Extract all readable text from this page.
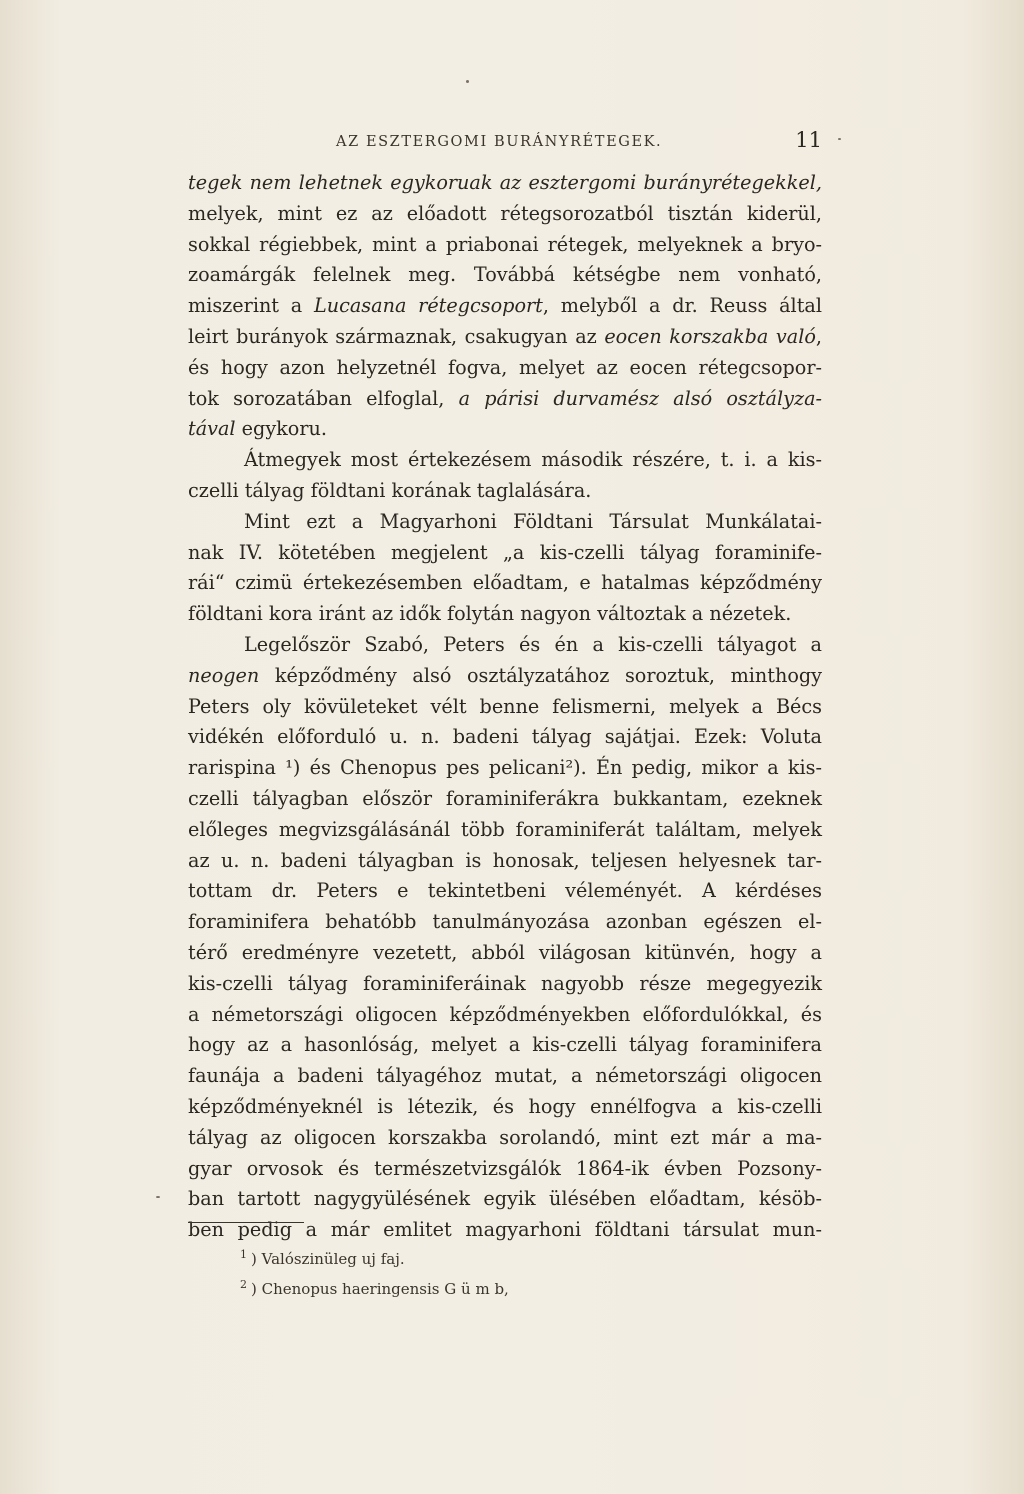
AZ ESZTERGOMI BURÁNYRÉTEGEK.	11
tegek nem lehetnek egykoruak az esztergomi burányrétegekkel,
melyek, mint ez az előadott rétegsorozatból tisztán kiderül,
sokkal régiebbek, mint a priabonai rétegek, melyeknek a bryo-
zoamárgák felelnek meg. Továbbá kétségbe nem vonható,
miszerint a Lucasana rétegcsoport, melyből a dr. Reuss által
leirt burányok származnak, csakugyan az eocen korszakba való,
és hogy azon helyzetnél fogva, melyet az eocen rétegcsopor-
tok sorozatában elfoglal, a párisi durvamész alsó osztályza-
tával egykoru.
Átmegyek most értekezésem második részére, t. i. a kis-
czelli tályag földtani korának taglalására.
Mint ezt a Magyarhoni Földtani Társulat Munkálatai-
nak IV. kötetében megjelent „a kis-czelli tályag foraminife-
rái“ czimü értekezésemben előadtam, e hatalmas képződmény
földtani kora iránt az idők folytán nagyon változtak a nézetek.
Legelőször Szabó, Peters és én a kis-czelli tályagot a
neogen képződmény alsó osztályzatához soroztuk, minthogy
Peters oly kövületeket vélt benne felismerni, melyek a Bécs
vidékén előforduló u. n. badeni tályag sajátjai. Ezek: Voluta
rarispina ¹) és Chenopus pes pelicani²). Én pedig, mikor a kis-
czelli tályagban először foraminiferákra bukkantam, ezeknek
előleges megvizsgálásánál több foraminiferát találtam, melyek
az u. n. badeni tályagban is honosak, teljesen helyesnek tar-
tottam dr. Peters e tekintetbeni véleményét. A kérdéses
foraminifera behatóbb tanulmányozása azonban egészen el-
térő eredményre vezetett, abból világosan kitünvén, hogy a
kis-czelli tályag foraminiferáinak nagyobb része megegyezik
a németországi oligocen képződményekben előfordulókkal, és
hogy az a hasonlóság, melyet a kis-czelli tályag foraminifera
faunája a badeni tályagéhoz mutat, a németországi oligocen
képződményeknél is létezik, és hogy ennélfogva a kis-czelli
tályag az oligocen korszakba sorolandó, mint ezt már a ma-
gyar orvosok és természetvizsgálók 1864-ik évben Pozsony-
ban tartott nagygyülésének egyik ülésében előadtam, késöb-
ben pedig a már emlitet magyarhoni földtani társulat mun-
$^1$ ) Valószinüleg uj faj.
$^2$ ) Chenopus haeringensis G ü m b,
